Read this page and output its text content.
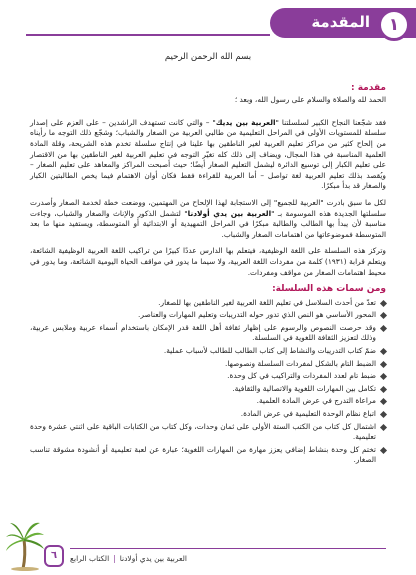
المقدمة	١
بسم الله الرحمن الرحيم
مقدمة :
الحمد لله والصلاة والسلام على رسول الله، وبعد ؛

فقد شجّعنا النجاح الكبير لسلسلتنا "العربية بين يديك" – والتي كانت تستهدف الراشدين – على العزم على إصدار سلسلة للمستويات الأولى في المراحل التعليمية من طالبي العربية من الصغار والشباب؛ وشجّع ذلك التوجه ما رأيناه من إلحاح كثير من مراكز تعليم العربية لغير الناطقين بها علينا في إنتاج سلسلة تخدم هذه الشريحة، وقلة المادة العلمية المناسبة في هذا المجال، ويضاف إلى ذلك كله تغيّر التوجه في تعليم العربية لغير الناطقين بها من الاقتصار على تعليم الكبار إلى توسيع الدائرة ليشمل التعليم الصغار أيضًا؛ حيث أصبحت المراكز والمعاهد على تعليم الصغار – ويُقصد بذلك تعليم العربية لغة تواصل – أما العربية للقراءة فقط فكان أوان الاهتمام فيما يخص الطالبتين الكبار والصغار قد بدأ مبكرًا.

لكل ما سبق بادرت "العربية للجميع" إلى الاستجابة لهذا الإلحاح من المهتمين، ووضعت خطة لخدمة الصغار وأصدرت سلسلتها الجديدة هذه الموسومة بـ "العربية بين يدي أولادنا" لتشمل الذكور والإناث والصغار والشباب، وجاءت مناسبة لأن يبدأ بها الطالب والطالبة مبكرًا في المراحل التمهيدية أو الابتدائية أو المتوسطة، ويستفيد منها ما بعد المتوسطة فموضوعاتها من اهتمامات الصغار والشباب.

وتركز هذه السلسلة على اللغة الوظيفية، فيتعلم بها الدارس عددًا كبيرًا من تراكيب اللغة العربية الوظيفية الشائعة، ويتعلم قرابة (١٩٣١) كلمة من مفردات اللغة العربية، ولا سيما ما يدور في مواقف الحياة اليومية الشائعة، وما يدور في محيط اهتمامات الصغار من مواقف ومفردات.

ومن سمات هذه السلسلة:
تعدّ من أحدث السلاسل في تعليم اللغة العربية لغير الناطقين بها للصغار.
المحور الأساسي هو النص الذي تدور حوله التدريبات وتعليم المهارات والعناصر.
وقد حرصت النصوص والرسوم على إظهار ثقافة أهل اللغة قدر الإمكان باستخدام أسماء عربية وملابس عربية، وذلك لتعزيز الثقافة اللغوية في السلسلة.
ضمّ كتاب التدريبات والنشاط إلى كتاب الطالب للطالب لأسباب عملية.
الضبط التام بالشكل لمفردات السلسلة ونصوصها.
ضبط تام لعدد المفردات والتراكيب في كل وحدة.
تكامل بين المهارات اللغوية والاتصالية والثقافية.
مراعاة التدرج في عرض المادة العلمية.
اتباع نظام الوحدة التعليمية في عرض المادة.
اشتمال كل كتاب من الكتب الستة الأولى على ثمان وحدات، وكل كتاب من الكتابات الباقية على اثنتي عشرة وحدة تعليمية.
تختم كل وحدة بنشاط إضافي يعزز مهارة من المهارات اللغوية؛ عبارة عن لعبة تعليمية أو أنشودة مشوقة تناسب الصغار.
العربية بين يدي أولادنا|الكتاب الرابع
٦
